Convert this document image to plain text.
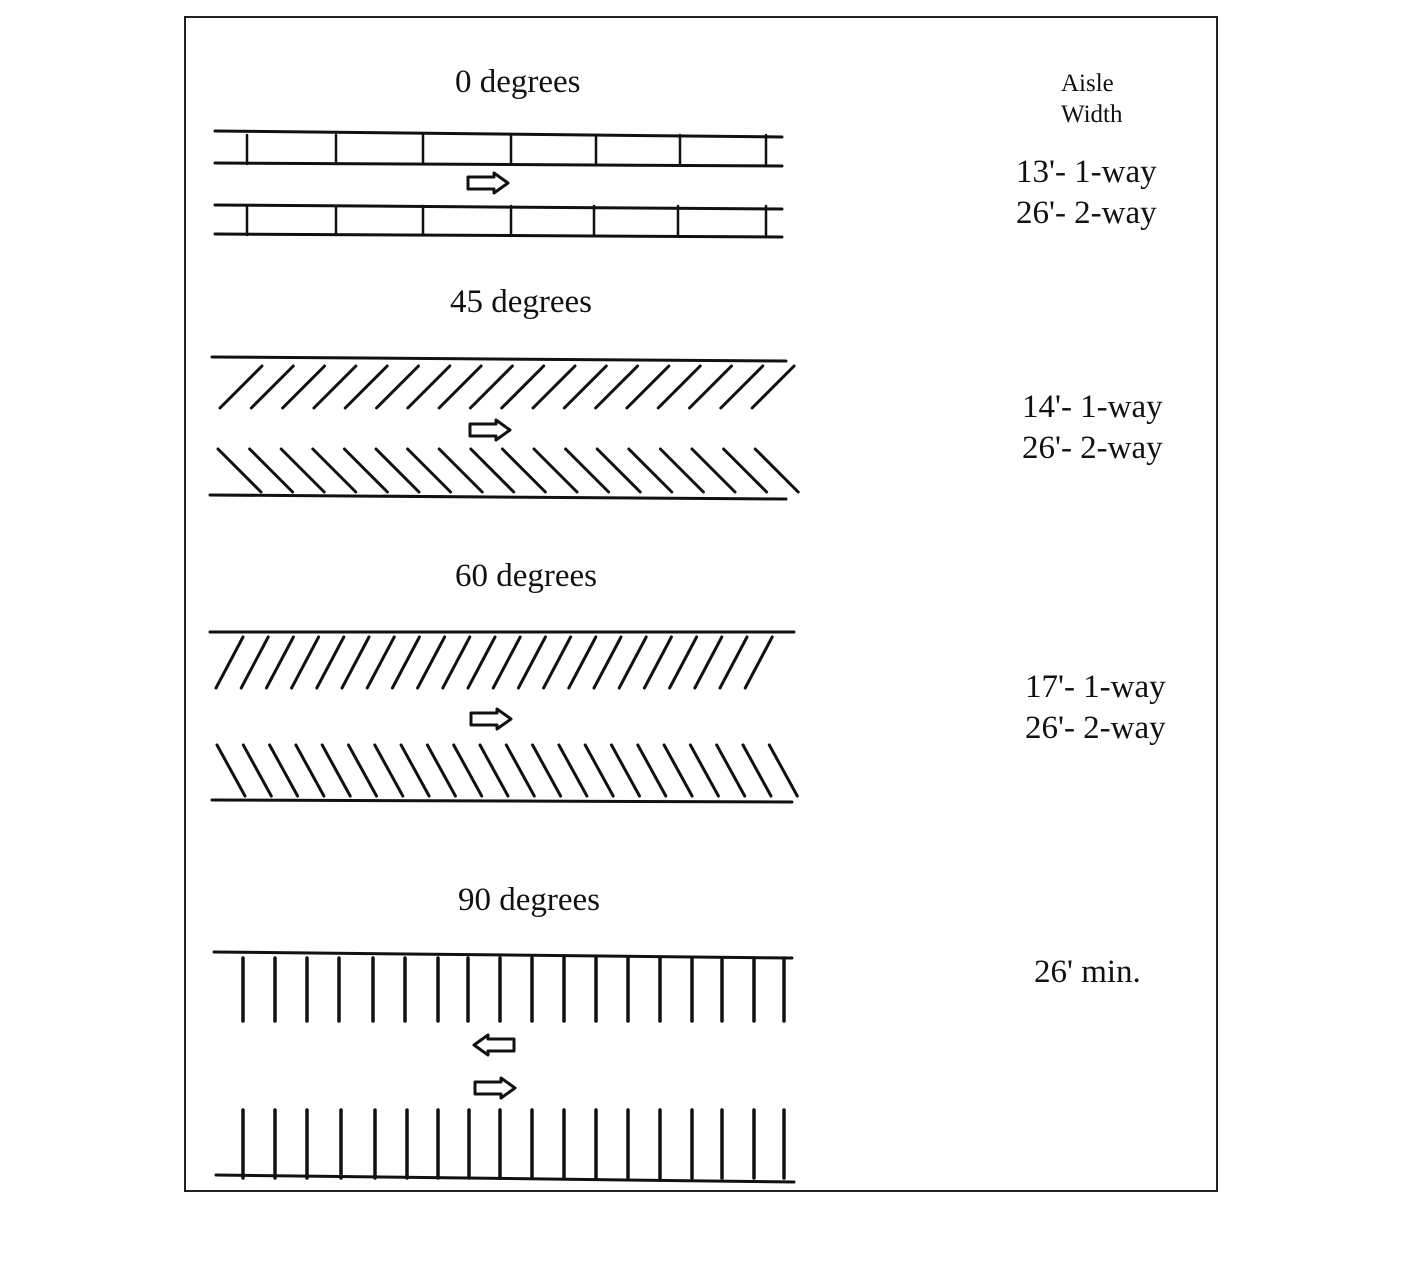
Aisle
Width
0 degrees
45 degrees
60 degrees
90 degrees
13'- 1-way
26'- 2-way
14'- 1-way
26'- 2-way
17'- 1-way
26'- 2-way
26' min.
